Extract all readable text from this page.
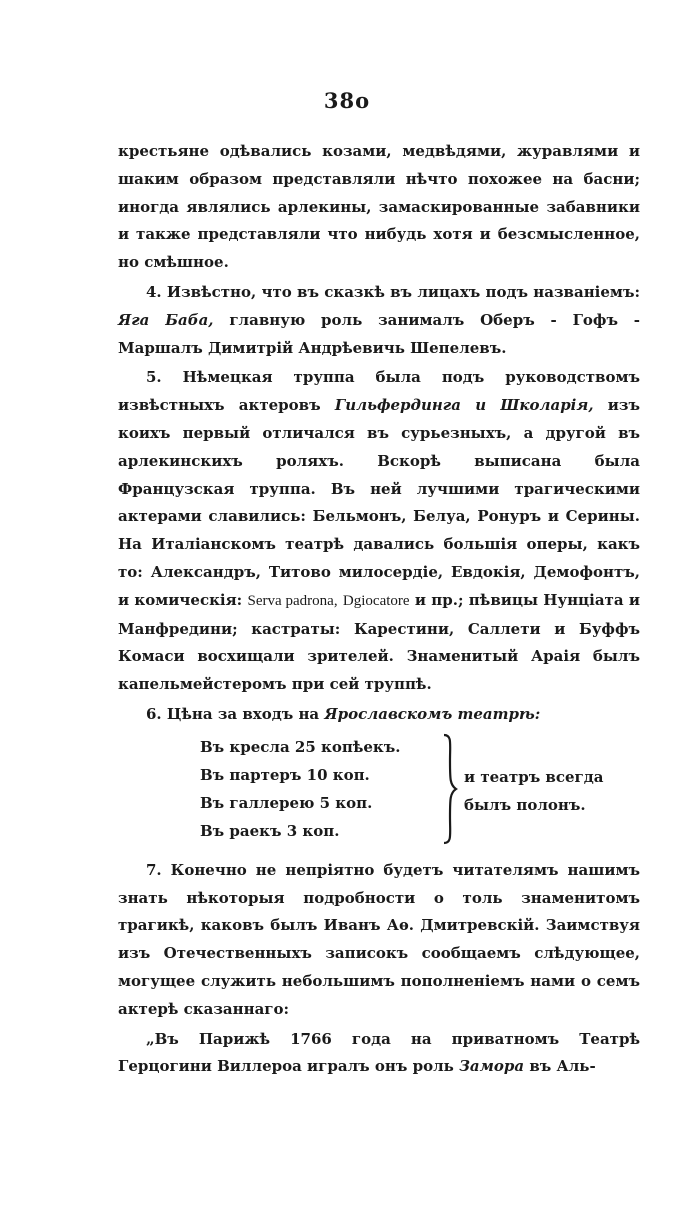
38o

крестьяне одѣвались козами, медвѣдями, журавлями и шаким образом представляли нѣчто похожее на басни; иногда являлись арлекины, замаскированные забавники и также представляли что нибудь хотя и безсмысленное, но смѣшное.

4. Извѣстно, что въ сказкѣ въ лицахъ подъ названіемъ: Яга Баба, главную роль занималъ Оберъ - Гофъ - Маршалъ Димитрій Андрѣевичь Шепелевъ.

5. Нѣмецкая труппа была подъ руководствомъ извѣстныхъ актеровъ Гильфердинга и Школарія, изъ коихъ первый отличался въ сурьезныхъ, а другой въ арлекинскихъ роляхъ. Вскорѣ выписана была Французская труппа. Въ ней лучшими трагическими актерами славились: Бельмонъ, Белуа, Ронуръ и Серины. На Италіанскомъ театрѣ давались большія оперы, какъ то: Александръ, Титово милосердіе, Евдокія, Демофонтъ, и комическія: Serva padrona, Dgiocatore и пр.; пѣвицы Нунціата и Манфредини; кастраты: Карестини, Саллети и Буффъ Комаси восхищали зрителей. Знаменитый Араія былъ капельмейстеромъ при сей труппѣ.

6. Цѣна за входъ на Ярославскомъ театрѣ:

Въ кресла 25 копѣекъ.
Въ партеръ 10 коп.
Въ галлерею 5 коп.
Въ раекъ 3 коп.
и театръ всегда былъ полонъ.

7. Конечно не непріятно будетъ читателямъ нашимъ знать нѣкоторыя подробности о толь знаменитомъ трагикѣ, каковъ былъ Иванъ Аѳ. Дмитревскій. Заимствуя изъ Отечественныхъ записокъ сообщаемъ слѣдующее, могущее служить небольшимъ пополненіемъ нами о семъ актерѣ сказаннаго:

„Въ Парижѣ 1766 года на приватномъ Театрѣ Герцогини Виллероа игралъ онъ роль Замора въ Аль-
